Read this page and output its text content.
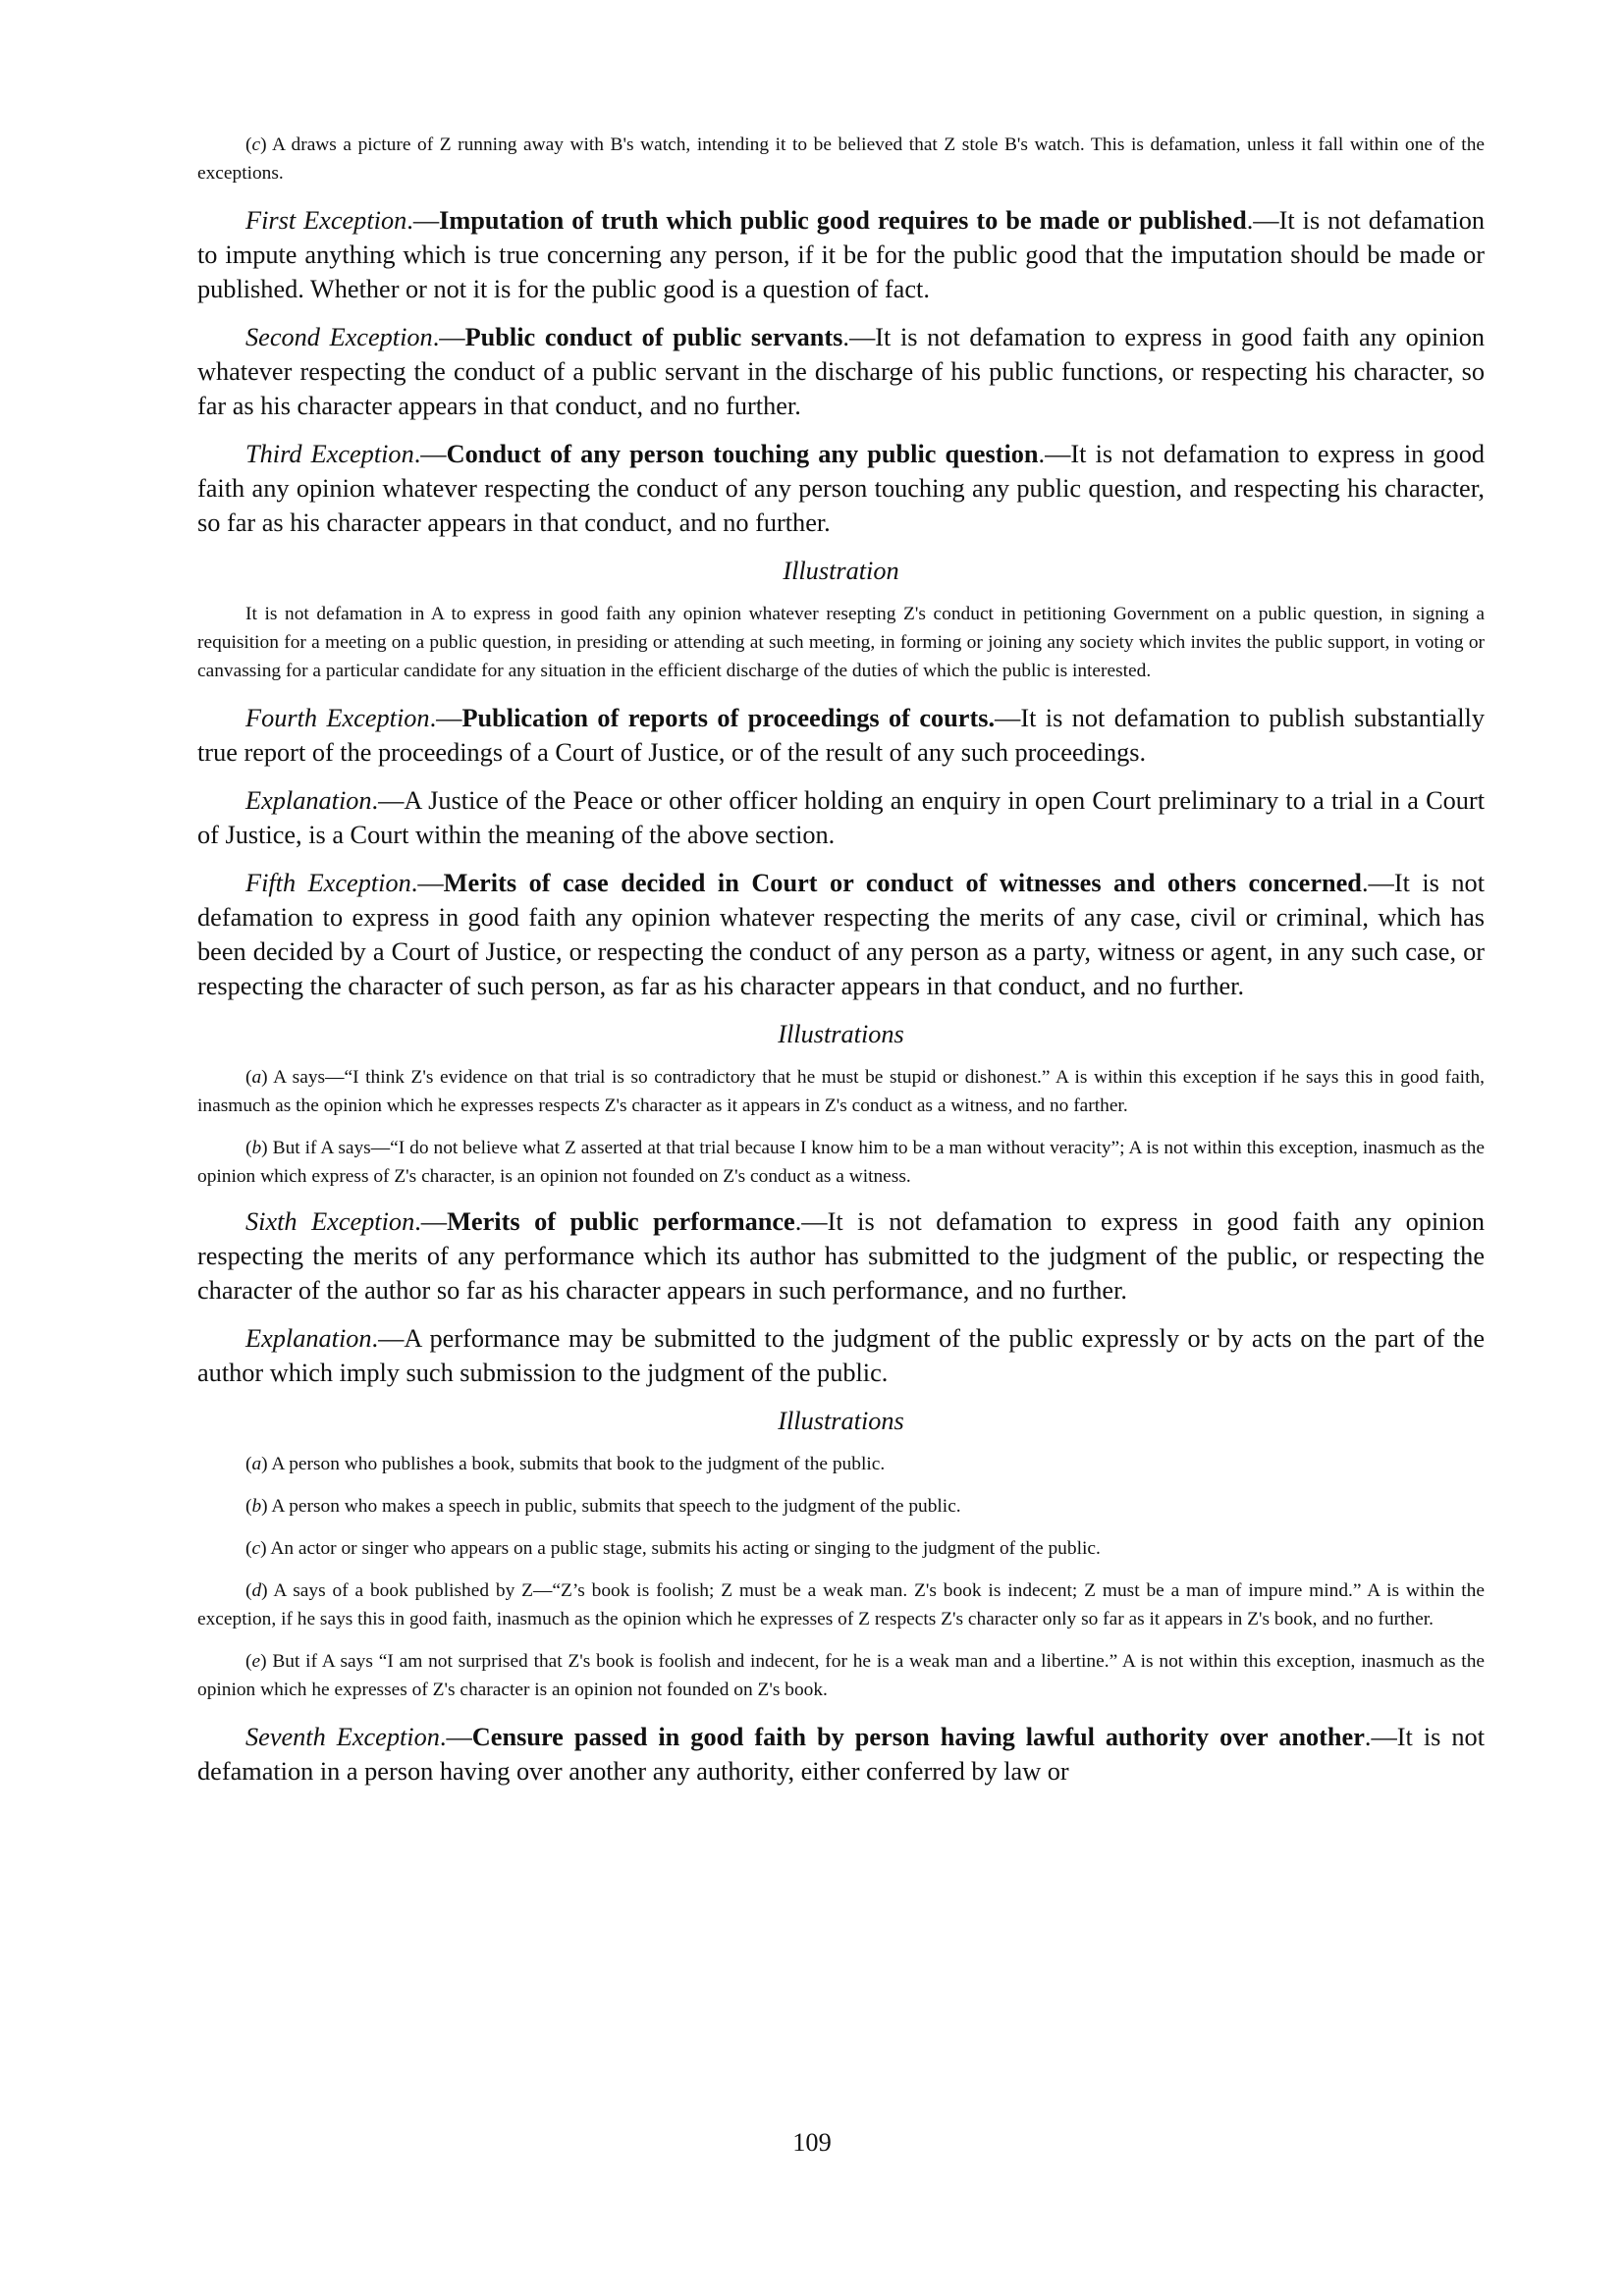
(c) A draws a picture of Z running away with B's watch, intending it to be believed that Z stole B's watch. This is defamation, unless it fall within one of the exceptions.

First Exception.—Imputation of truth which public good requires to be made or published.—It is not defamation to impute anything which is true concerning any person, if it be for the public good that the imputation should be made or published. Whether or not it is for the public good is a question of fact.

Second Exception.—Public conduct of public servants.—It is not defamation to express in good faith any opinion whatever respecting the conduct of a public servant in the discharge of his public functions, or respecting his character, so far as his character appears in that conduct, and no further.

Third Exception.—Conduct of any person touching any public question.—It is not defamation to express in good faith any opinion whatever respecting the conduct of any person touching any public question, and respecting his character, so far as his character appears in that conduct, and no further.

Illustration

It is not defamation in A to express in good faith any opinion whatever resepting Z's conduct in petitioning Government on a public question, in signing a requisition for a meeting on a public question, in presiding or attending at such meeting, in forming or joining any society which invites the public support, in voting or canvassing for a particular candidate for any situation in the efficient discharge of the duties of which the public is interested.

Fourth Exception.—Publication of reports of proceedings of courts.—It is not defamation to publish substantially true report of the proceedings of a Court of Justice, or of the result of any such proceedings.

Explanation.—A Justice of the Peace or other officer holding an enquiry in open Court preliminary to a trial in a Court of Justice, is a Court within the meaning of the above section.

Fifth Exception.—Merits of case decided in Court or conduct of witnesses and others concerned.—It is not defamation to express in good faith any opinion whatever respecting the merits of any case, civil or criminal, which has been decided by a Court of Justice, or respecting the conduct of any person as a party, witness or agent, in any such case, or respecting the character of such person, as far as his character appears in that conduct, and no further.

Illustrations

(a) A says—“I think Z's evidence on that trial is so contradictory that he must be stupid or dishonest.” A is within this exception if he says this in good faith, inasmuch as the opinion which he expresses respects Z's character as it appears in Z's conduct as a witness, and no farther.

(b) But if A says—“I do not believe what Z asserted at that trial because I know him to be a man without veracity”; A is not within this exception, inasmuch as the opinion which express of Z's character, is an opinion not founded on Z's conduct as a witness.

Sixth Exception.—Merits of public performance.—It is not defamation to express in good faith any opinion respecting the merits of any performance which its author has submitted to the judgment of the public, or respecting the character of the author so far as his character appears in such performance, and no further.

Explanation.—A performance may be submitted to the judgment of the public expressly or by acts on the part of the author which imply such submission to the judgment of the public.

Illustrations

(a) A person who publishes a book, submits that book to the judgment of the public.

(b) A person who makes a speech in public, submits that speech to the judgment of the public.

(c) An actor or singer who appears on a public stage, submits his acting or singing to the judgment of the public.

(d) A says of a book published by Z—“Z’s book is foolish; Z must be a weak man. Z's book is indecent; Z must be a man of impure mind.” A is within the exception, if he says this in good faith, inasmuch as the opinion which he expresses of Z respects Z's character only so far as it appears in Z's book, and no further.

(e) But if A says “I am not surprised that Z's book is foolish and indecent, for he is a weak man and a libertine.” A is not within this exception, inasmuch as the opinion which he expresses of Z's character is an opinion not founded on Z's book.

Seventh Exception.—Censure passed in good faith by person having lawful authority over another.—It is not defamation in a person having over another any authority, either conferred by law or

109
